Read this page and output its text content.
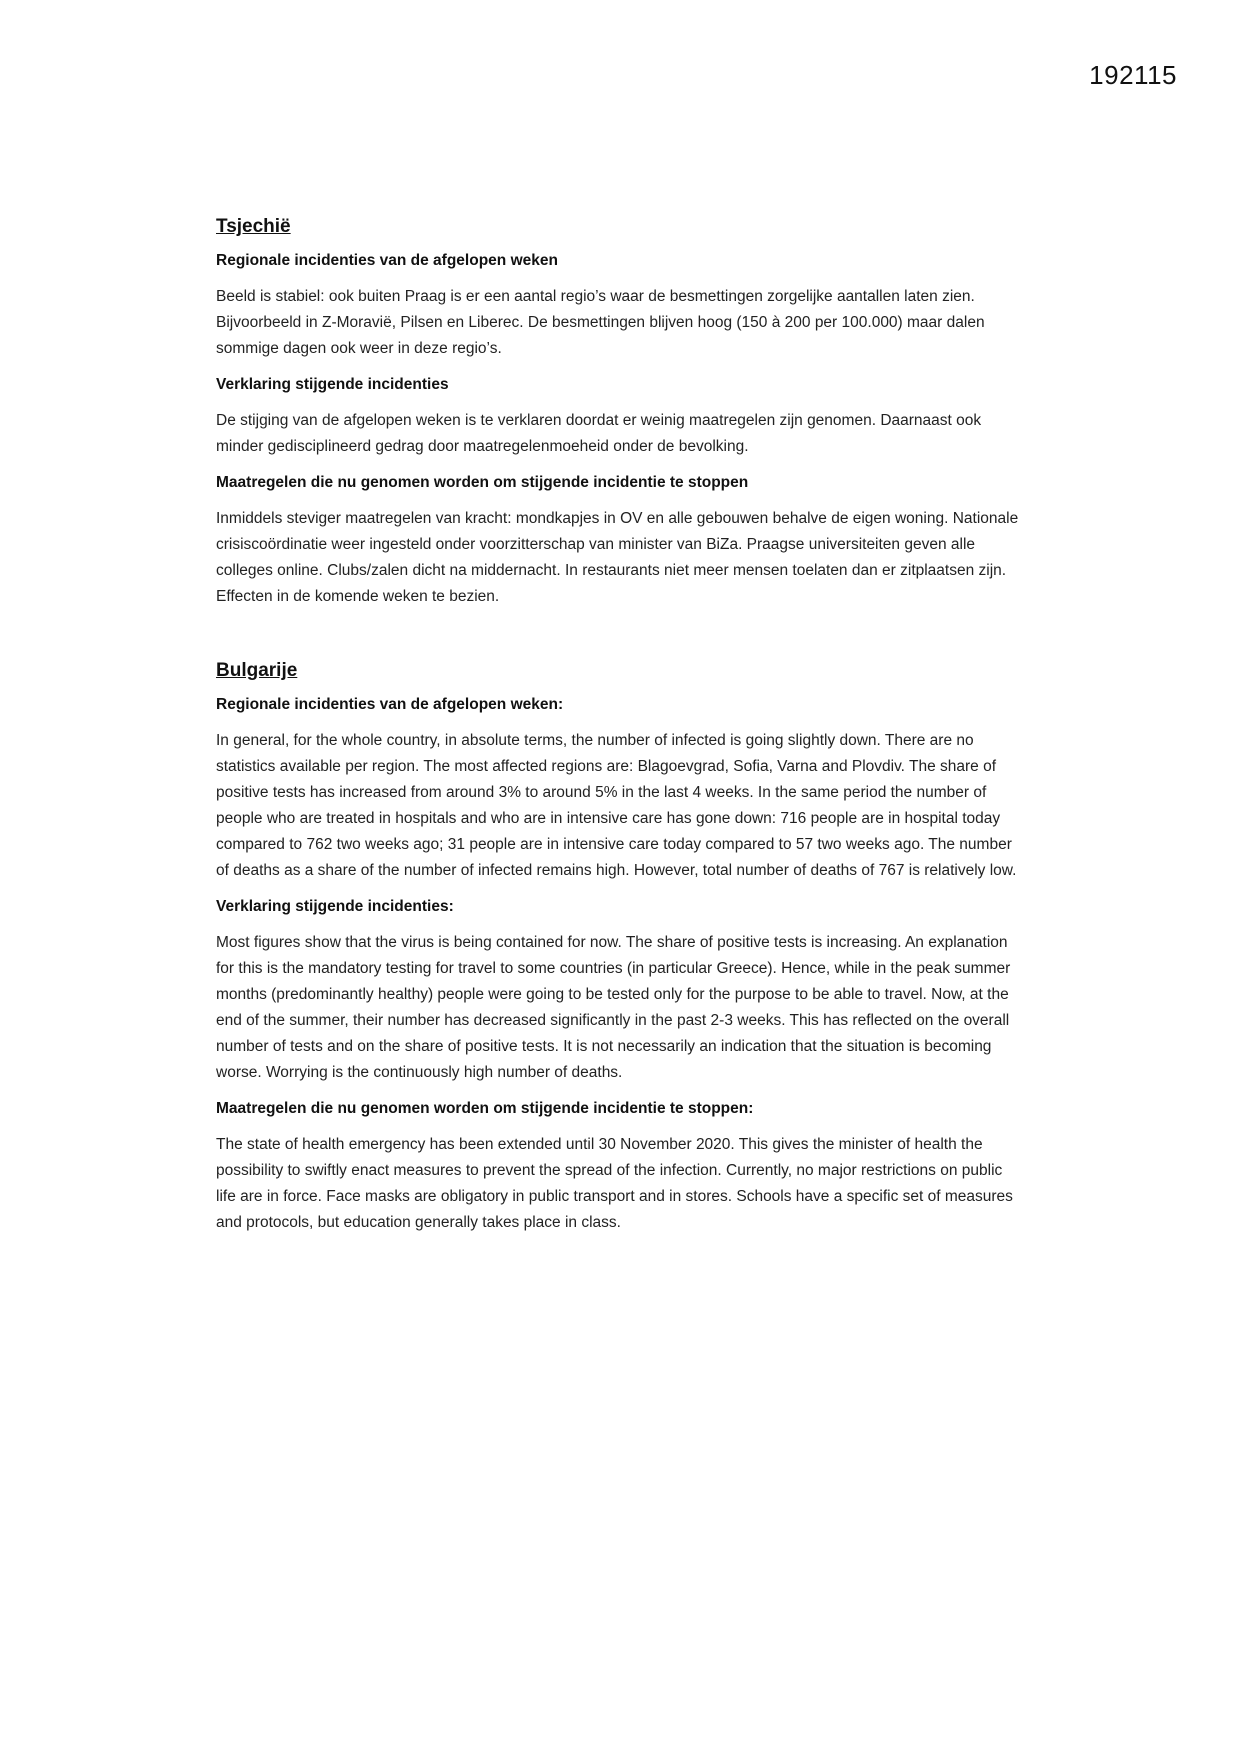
192115
Tsjechië
Regionale incidenties van de afgelopen weken
Beeld is stabiel: ook buiten Praag is er een aantal regio’s waar de besmettingen zorgelijke aantallen laten zien. Bijvoorbeeld in Z-Moravië, Pilsen en Liberec. De besmettingen blijven hoog (150 à 200 per 100.000) maar dalen sommige dagen ook weer in deze regio’s.
Verklaring stijgende incidenties
De stijging van de afgelopen weken is te verklaren doordat er weinig maatregelen zijn genomen. Daarnaast ook minder gedisciplineerd gedrag door maatregelenmoeheid onder de bevolking.
Maatregelen die nu genomen worden om stijgende incidentie te stoppen
Inmiddels steviger maatregelen van kracht: mondkapjes in OV en alle gebouwen behalve de eigen woning. Nationale crisiscoördinatie weer ingesteld onder voorzitterschap van minister van BiZa. Praagse universiteiten geven alle colleges online. Clubs/zalen dicht na middernacht. In restaurants niet meer mensen toelaten dan er zitplaatsen zijn. Effecten in de komende weken te bezien.
Bulgarije
Regionale incidenties van de afgelopen weken:
In general, for the whole country, in absolute terms, the number of infected is going slightly down. There are no statistics available per region. The most affected regions are: Blagoevgrad, Sofia, Varna and Plovdiv. The share of positive tests has increased from around 3% to around 5% in the last 4 weeks. In the same period the number of people who are treated in hospitals and who are in intensive care has gone down: 716 people are in hospital today compared to 762 two weeks ago; 31 people are in intensive care today compared to 57 two weeks ago. The number of deaths as a share of the number of infected remains high. However, total number of deaths of 767 is relatively low.
Verklaring stijgende incidenties:
Most figures show that the virus is being contained for now. The share of positive tests is increasing. An explanation for this is the mandatory testing for travel to some countries (in particular Greece). Hence, while in the peak summer months (predominantly healthy) people were going to be tested only for the purpose to be able to travel. Now, at the end of the summer, their number has decreased significantly in the past 2-3 weeks. This has reflected on the overall number of tests and on the share of positive tests. It is not necessarily an indication that the situation is becoming worse. Worrying is the continuously high number of deaths.
Maatregelen die nu genomen worden om stijgende incidentie te stoppen:
The state of health emergency has been extended until 30 November 2020. This gives the minister of health the possibility to swiftly enact measures to prevent the spread of the infection. Currently, no major restrictions on public life are in force. Face masks are obligatory in public transport and in stores. Schools have a specific set of measures and protocols, but education generally takes place in class.
